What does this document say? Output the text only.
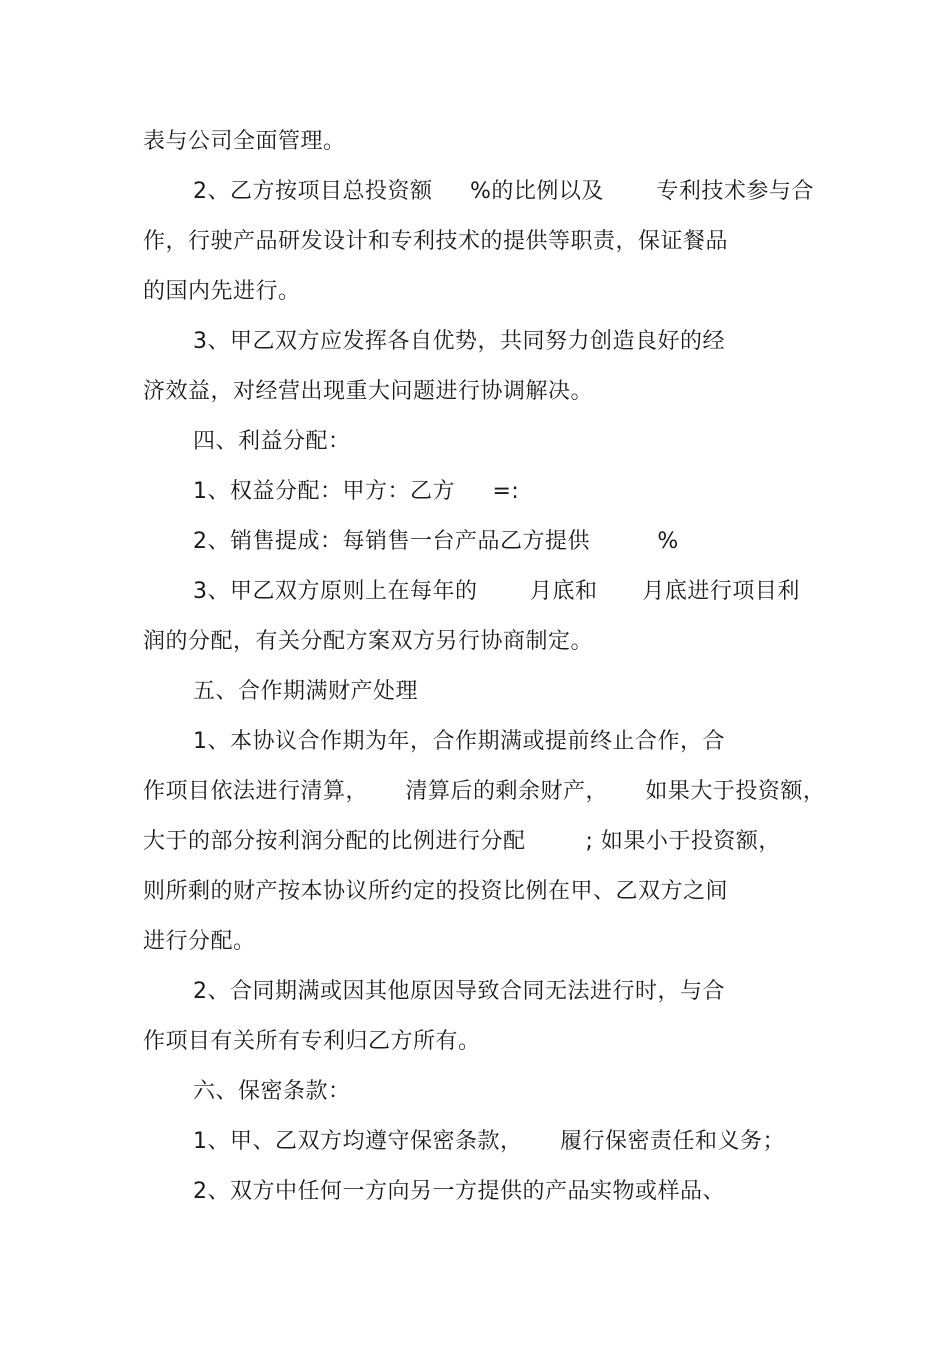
表与公司全面管理。
2、乙方按项目总投资额     %的比例以及       专利技术参与合
作，行驶产品研发设计和专利技术的提供等职责，保证餐品
的国内先进行。
3、甲乙双方应发挥各自优势，共同努力创造良好的经
济效益，对经营出现重大问题进行协调解决。
四、利益分配：
1、权益分配：甲方：乙方     =:
2、销售提成：每销售一台产品乙方提供         %
3、甲乙双方原则上在每年的       月底和      月底进行项目利
润的分配，有关分配方案双方另行协商制定。
五、合作期满财产处理
1、本协议合作期为年，合作期满或提前终止合作，合
作项目依法进行清算，     清算后的剩余财产，     如果大于投资额，
大于的部分按利润分配的比例进行分配        ; 如果小于投资额，
则所剩的财产按本协议所约定的投资比例在甲、乙双方之间
进行分配。
2、合同期满或因其他原因导致合同无法进行时，与合
作项目有关所有专利归乙方所有。
六、保密条款：
1、甲、乙双方均遵守保密条款，     履行保密责任和义务；
2、双方中任何一方向另一方提供的产品实物或样品、
